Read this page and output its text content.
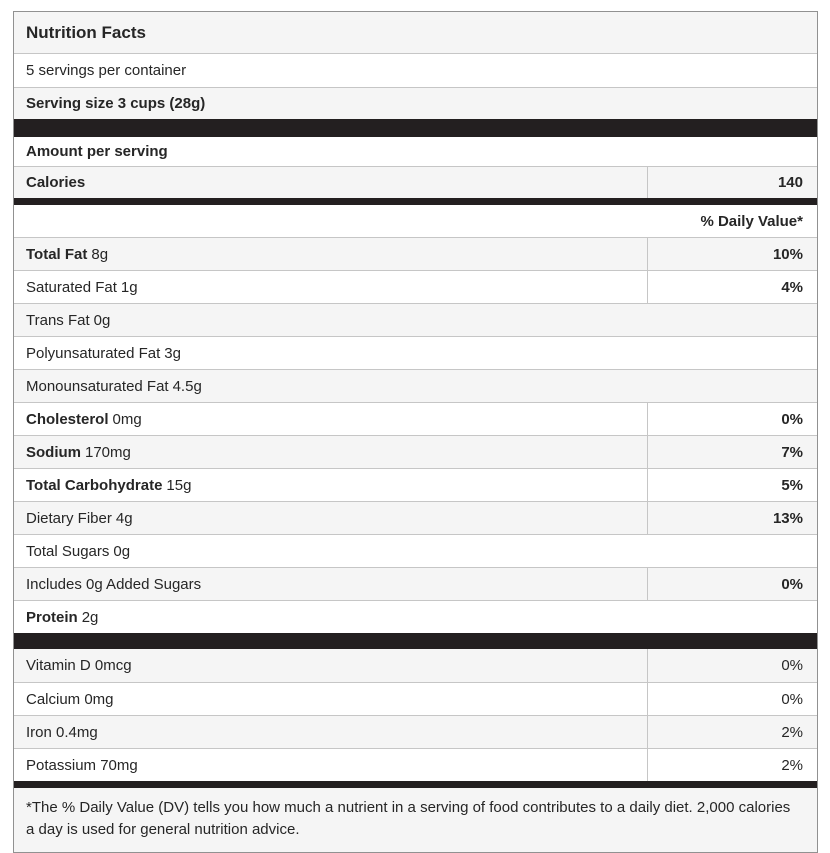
Nutrition Facts
5 servings per container
Serving size 3 cups (28g)
Amount per serving
Calories	140
% Daily Value*
Total Fat 8g	10%
Saturated Fat 1g	4%
Trans Fat 0g
Polyunsaturated Fat 3g
Monounsaturated Fat 4.5g
Cholesterol 0mg	0%
Sodium 170mg	7%
Total Carbohydrate 15g	5%
Dietary Fiber 4g	13%
Total Sugars 0g
Includes 0g Added Sugars	0%
Protein 2g
Vitamin D 0mcg	0%
Calcium 0mg	0%
Iron 0.4mg	2%
Potassium 70mg	2%
*The % Daily Value (DV) tells you how much a nutrient in a serving of food contributes to a daily diet. 2,000 calories a day is used for general nutrition advice.
